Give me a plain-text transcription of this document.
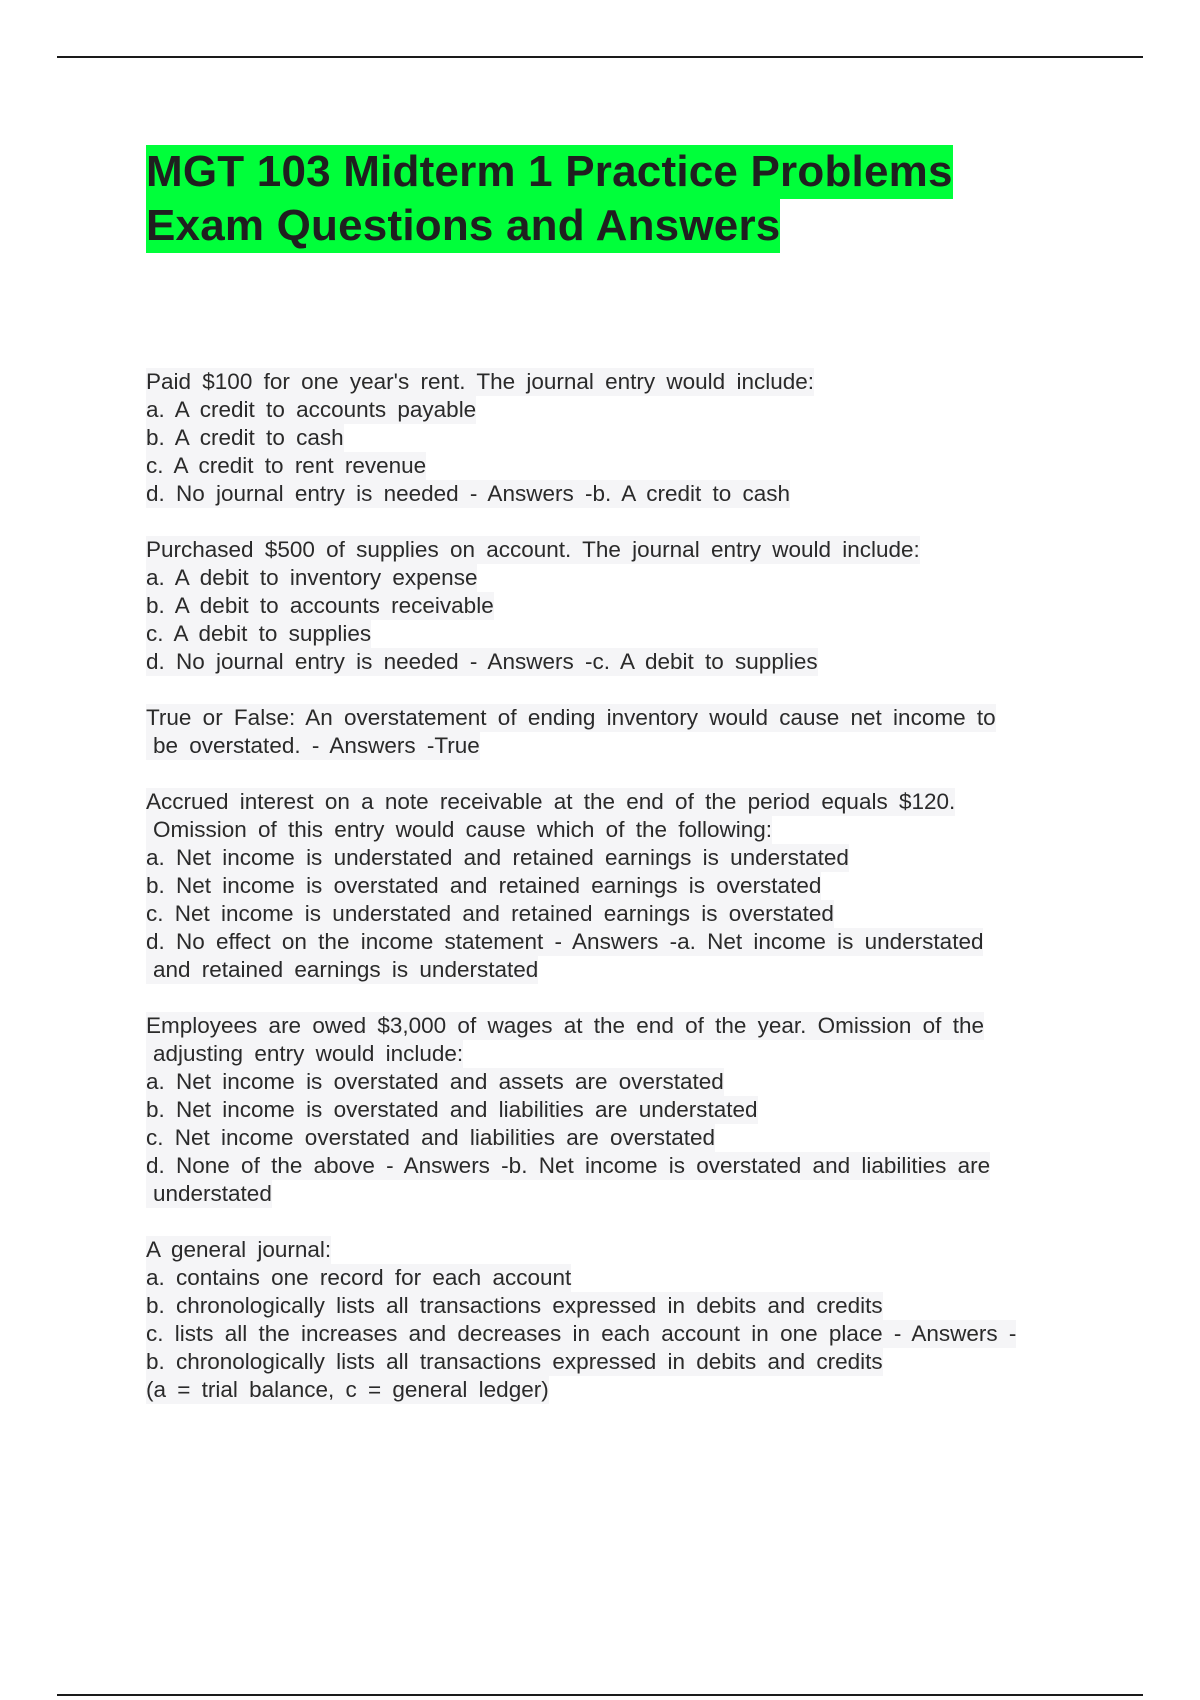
MGT 103 Midterm 1 Practice Problems
Exam Questions and Answers
Paid $100 for one year's rent. The journal entry would include:
a. A credit to accounts payable
b. A credit to cash
c. A credit to rent revenue
d. No journal entry is needed - Answers -b. A credit to cash
Purchased $500 of supplies on account. The journal entry would include:
a. A debit to inventory expense
b. A debit to accounts receivable
c. A debit to supplies
d. No journal entry is needed - Answers -c. A debit to supplies
True or False: An overstatement of ending inventory would cause net income to
be overstated. - Answers -True
Accrued interest on a note receivable at the end of the period equals $120.
Omission of this entry would cause which of the following:
a. Net income is understated and retained earnings is understated
b. Net income is overstated and retained earnings is overstated
c. Net income is understated and retained earnings is overstated
d. No effect on the income statement - Answers -a. Net income is understated
and retained earnings is understated
Employees are owed $3,000 of wages at the end of the year. Omission of the
adjusting entry would include:
a. Net income is overstated and assets are overstated
b. Net income is overstated and liabilities are understated
c. Net income overstated and liabilities are overstated
d. None of the above - Answers -b. Net income is overstated and liabilities are
understated
A general journal:
a. contains one record for each account
b. chronologically lists all transactions expressed in debits and credits
c. lists all the increases and decreases in each account in one place - Answers -
b. chronologically lists all transactions expressed in debits and credits
(a = trial balance, c = general ledger)
